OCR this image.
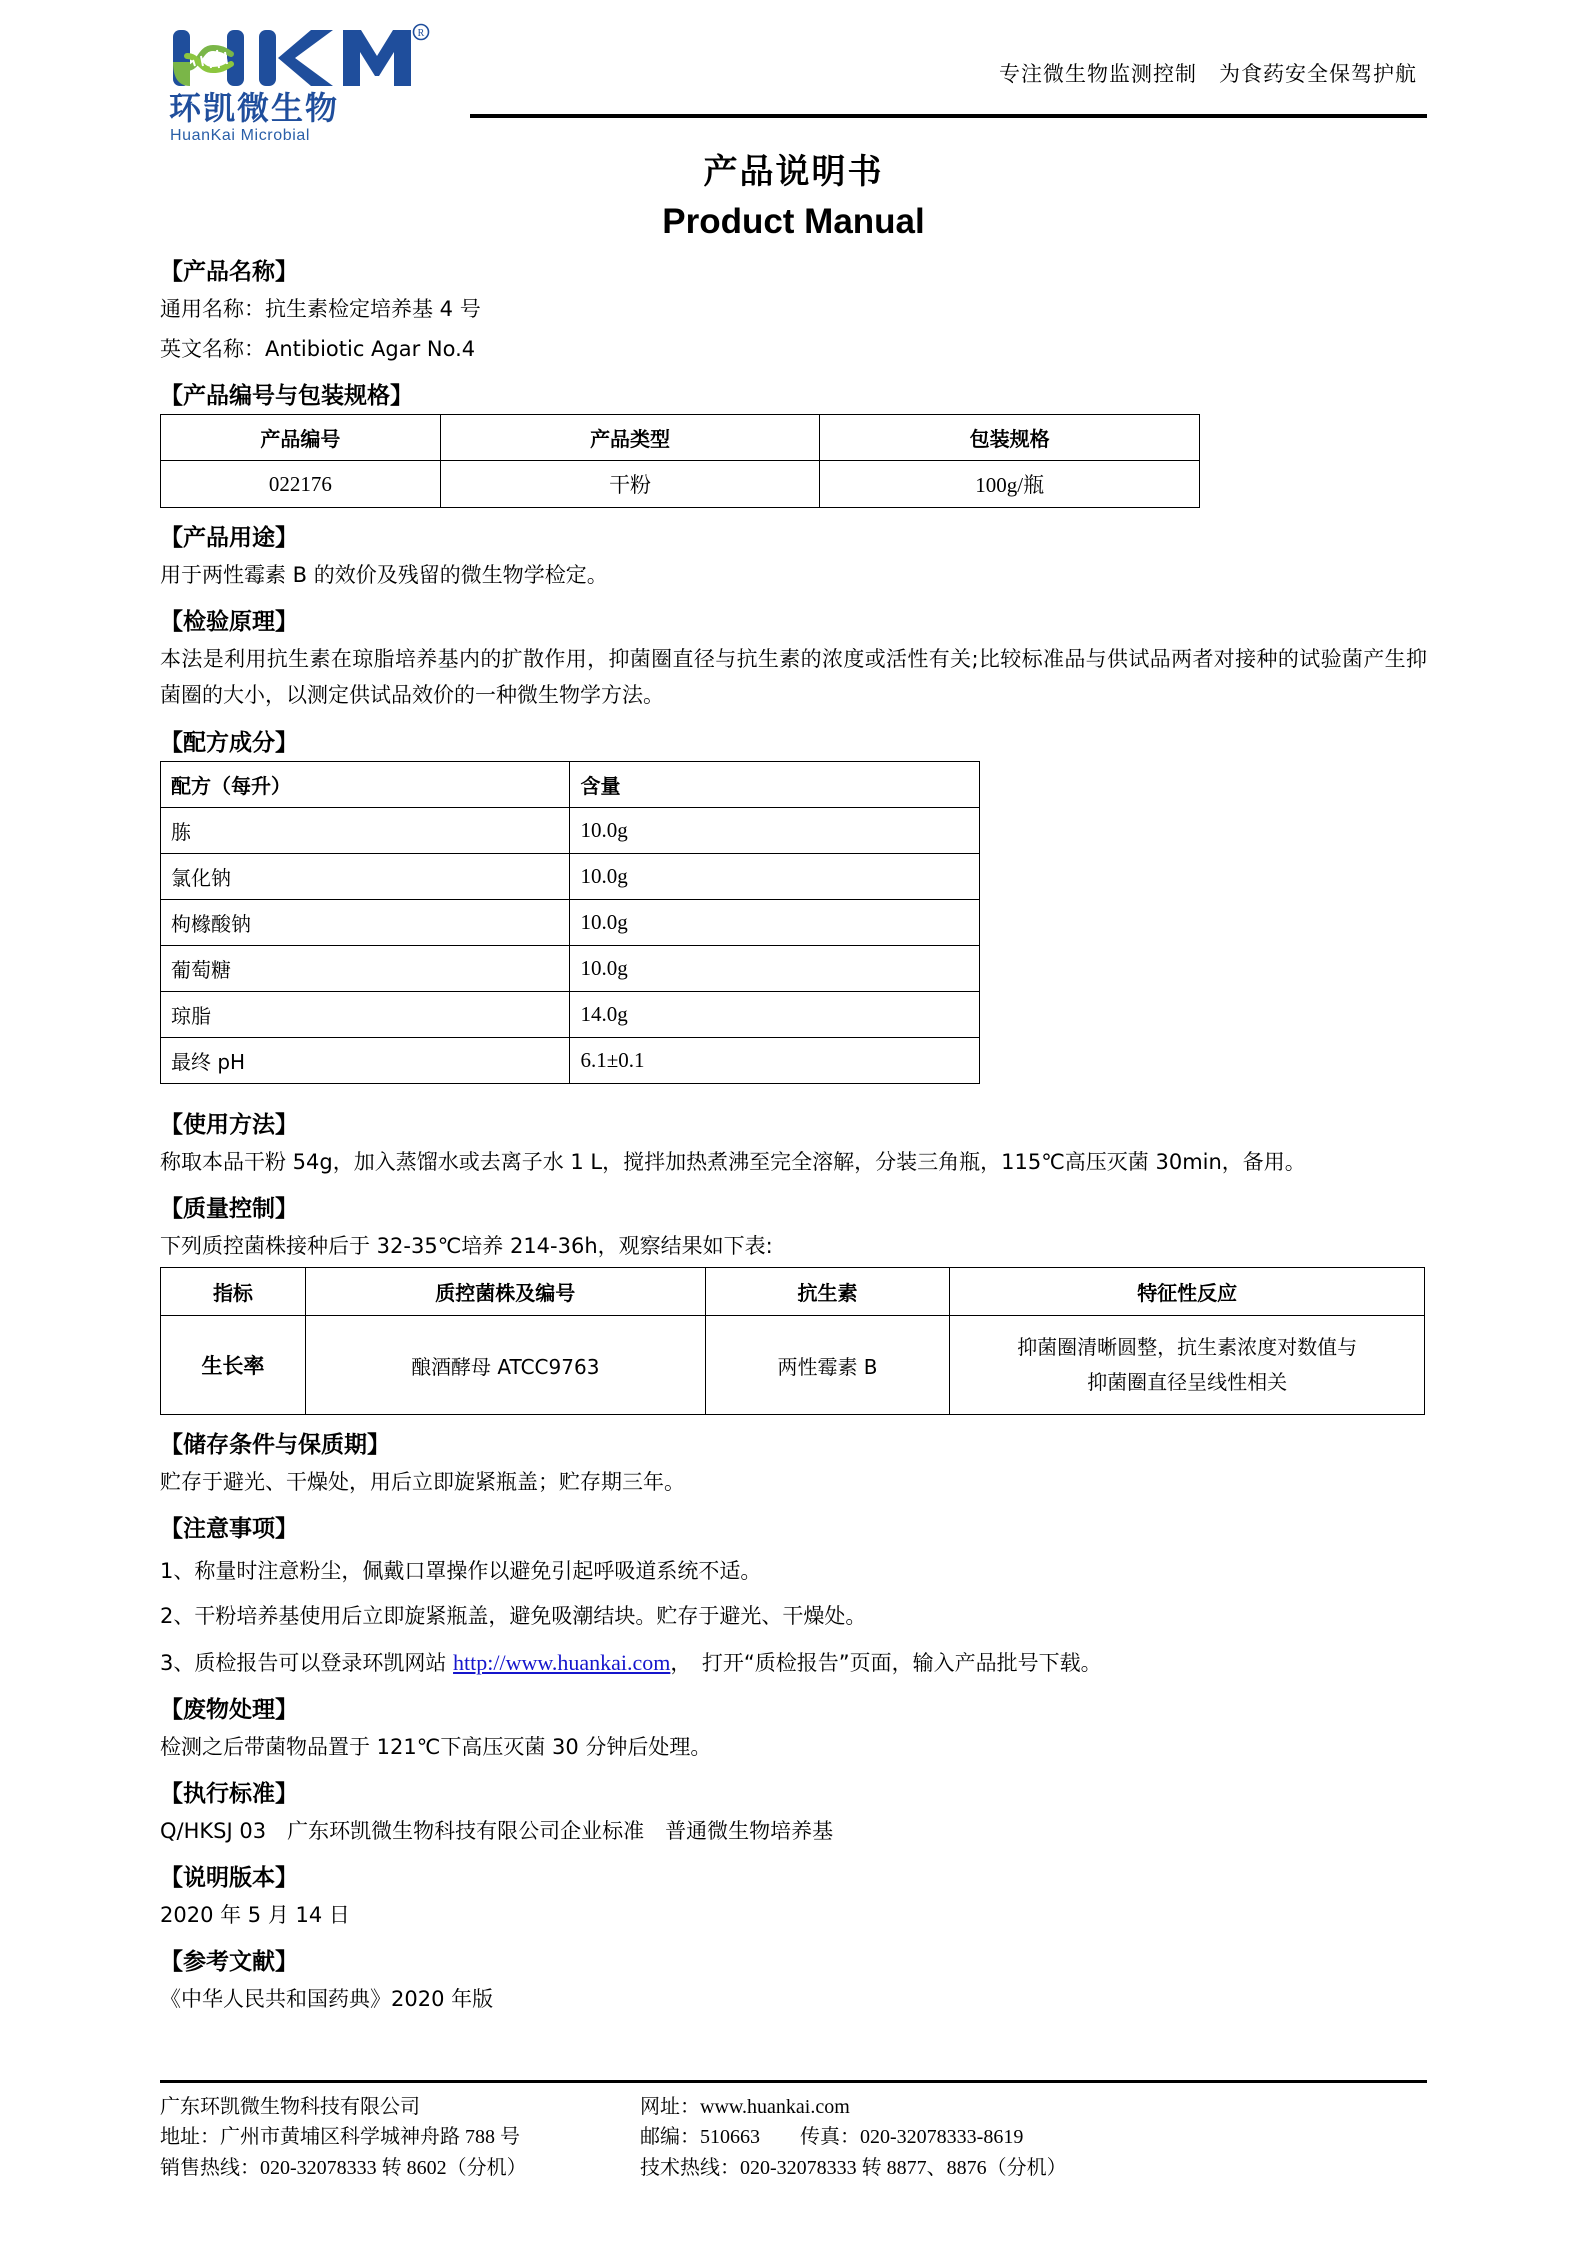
R
环凯微生物
HuanKai Microbial
专注微生物监测控制　为食药安全保驾护航
产品说明书
Product Manual
【产品名称】
通用名称：抗生素检定培养基 4 号
英文名称：Antibiotic Agar No.4
【产品编号与包装规格】
产品编号	产品类型	包装规格
022176	干粉	100g/瓶
【产品用途】
用于两性霉素 B 的效价及残留的微生物学检定。
【检验原理】
本法是利用抗生素在琼脂培养基内的扩散作用，抑菌圈直径与抗生素的浓度或活性有关;比较标准品与供试品两者对接种的试验菌产生抑菌圈的大小，以测定供试品效价的一种微生物学方法。
【配方成分】
配方（每升）	含量
胨	10.0g
氯化钠	10.0g
枸橼酸钠	10.0g
葡萄糖	10.0g
琼脂	14.0g
最终 pH	6.1±0.1
【使用方法】
称取本品干粉 54g，加入蒸馏水或去离子水 1 L，搅拌加热煮沸至完全溶解，分装三角瓶，115℃高压灭菌 30min，备用。
【质量控制】
下列质控菌株接种后于 32-35℃培养 214-36h，观察结果如下表:
指标	质控菌株及编号	抗生素	特征性反应
生长率	酿酒酵母 ATCC9763	两性霉素 B	抑菌圈清晰圆整，抗生素浓度对数值与
抑菌圈直径呈线性相关
【储存条件与保质期】
贮存于避光、干燥处，用后立即旋紧瓶盖；贮存期三年。
【注意事项】
1、称量时注意粉尘，佩戴口罩操作以避免引起呼吸道系统不适。
2、干粉培养基使用后立即旋紧瓶盖，避免吸潮结块。贮存于避光、干燥处。
3、质检报告可以登录环凯网站 http://www.huankai.com，　打开“质检报告”页面，输入产品批号下载。
【废物处理】
检测之后带菌物品置于 121℃下高压灭菌 30 分钟后处理。
【执行标准】
Q/HKSJ 03　广东环凯微生物科技有限公司企业标准　普通微生物培养基
【说明版本】
2020 年 5 月 14 日
【参考文献】
《中华人民共和国药典》2020 年版
广东环凯微生物科技有限公司
地址：广州市黄埔区科学城神舟路 788 号
销售热线：020-32078333 转 8602（分机）
网址：www.huankai.com
邮编：510663　　传真：020-32078333-8619
技术热线：020-32078333 转 8877、8876（分机）
